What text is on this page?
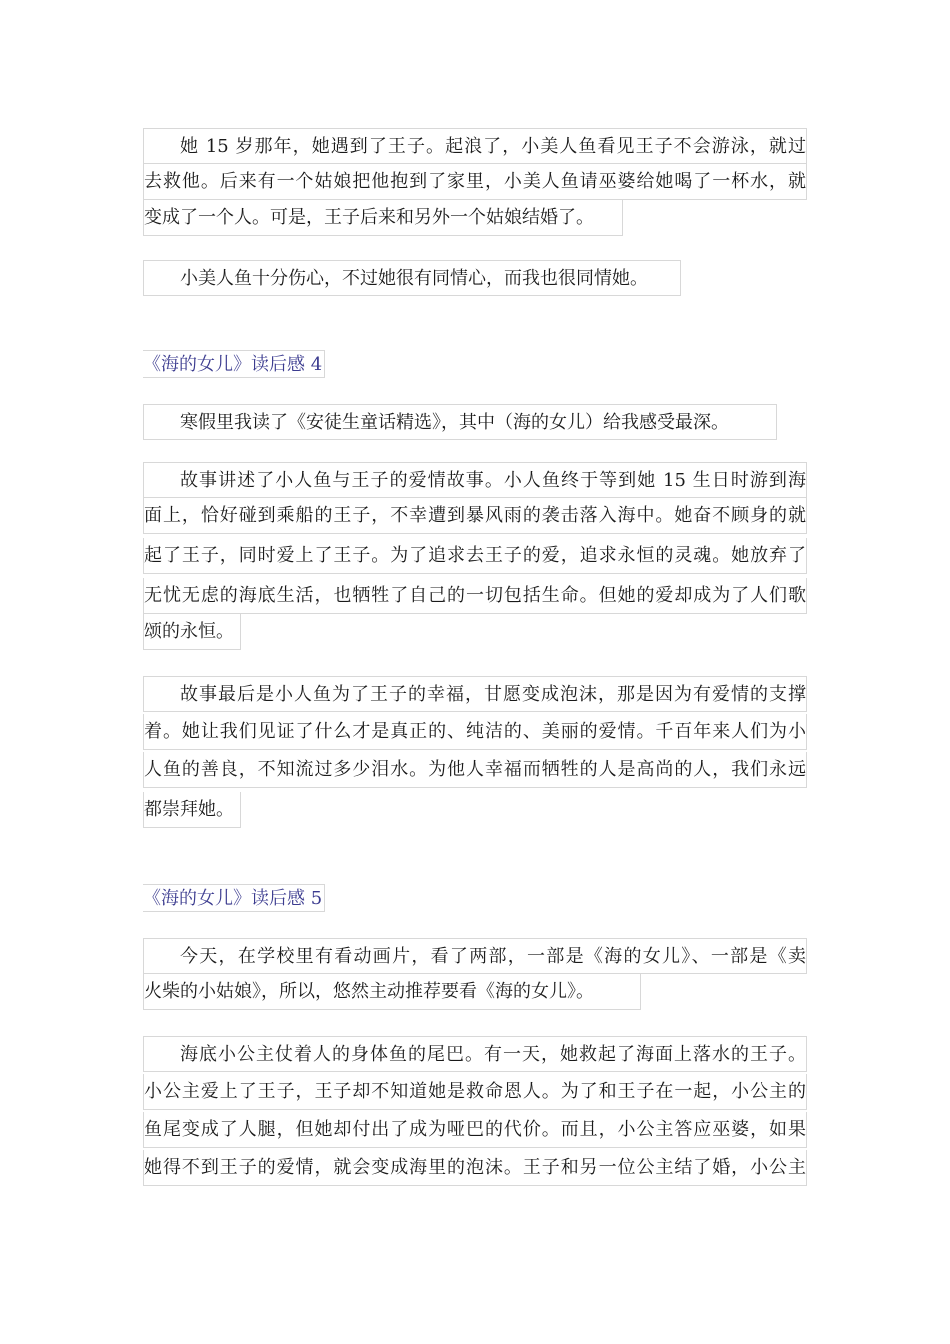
她 15 岁那年，她遇到了王子。起浪了，小美人鱼看见王子不会游泳，就过
去救他。后来有一个姑娘把他抱到了家里，小美人鱼请巫婆给她喝了一杯水，就
变成了一个人。可是，王子后来和另外一个姑娘结婚了。
小美人鱼十分伤心，不过她很有同情心，而我也很同情她。
《海的女儿》读后感 4
寒假里我读了《安徒生童话精选》，其中（海的女儿）给我感受最深。
故事讲述了小人鱼与王子的爱情故事。小人鱼终于等到她 15 生日时游到海
面上，恰好碰到乘船的王子，不幸遭到暴风雨的袭击落入海中。她奋不顾身的就
起了王子，同时爱上了王子。为了追求去王子的爱，追求永恒的灵魂。她放弃了
无忧无虑的海底生活，也牺牲了自己的一切包括生命。但她的爱却成为了人们歌
颂的永恒。
故事最后是小人鱼为了王子的幸福，甘愿变成泡沫，那是因为有爱情的支撑
着。她让我们见证了什么才是真正的、纯洁的、美丽的爱情。千百年来人们为小
人鱼的善良，不知流过多少泪水。为他人幸福而牺牲的人是高尚的人，我们永远
都崇拜她。
《海的女儿》读后感 5
今天，在学校里有看动画片，看了两部，一部是《海的女儿》、一部是《卖
火柴的小姑娘》，所以，悠然主动推荐要看《海的女儿》。
海底小公主仗着人的身体鱼的尾巴。有一天，她救起了海面上落水的王子。
小公主爱上了王子，王子却不知道她是救命恩人。为了和王子在一起，小公主的
鱼尾变成了人腿，但她却付出了成为哑巴的代价。而且，小公主答应巫婆，如果
她得不到王子的爱情，就会变成海里的泡沫。王子和另一位公主结了婚，小公主
